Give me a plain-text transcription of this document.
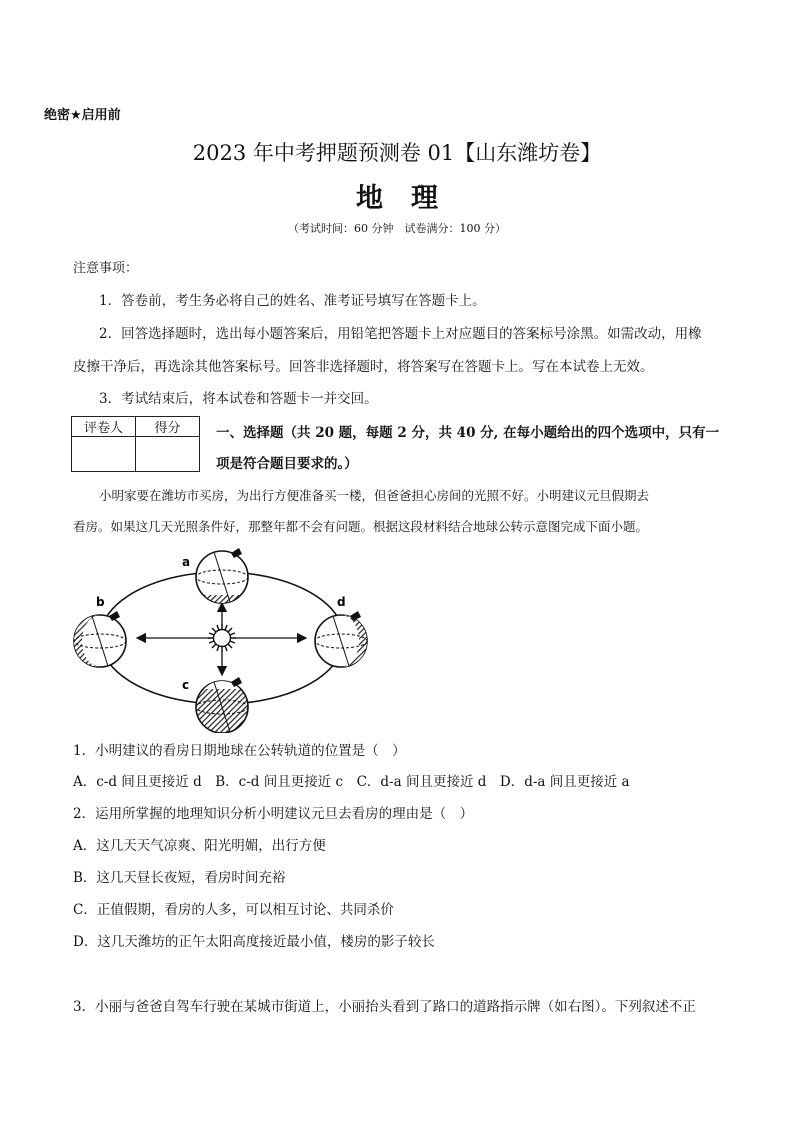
绝密★启用前
2023 年中考押题预测卷 01【山东潍坊卷】
地理
（考试时间：60 分钟　试卷满分：100 分）
注意事项：
1．答卷前，考生务必将自己的姓名、准考证号填写在答题卡上。
2．回答选择题时，选出每小题答案后，用铅笔把答题卡上对应题目的答案标号涂黑。如需改动，用橡
皮擦干净后，再选涂其他答案标号。回答非选择题时，将答案写在答题卡上。写在本试卷上无效。
3．考试结束后，将本试卷和答题卡一并交回。
评卷人	得分
		一、选择题（共 20 题，每题 2 分，共 40 分, 在每小题给出的四个选项中，只有一
项是符合题目要求的。）
小明家要在潍坊市买房，为出行方便准备买一楼，但爸爸担心房间的光照不好。小明建议元旦假期去
看房。如果这几天光照条件好，那整年都不会有问题。根据这段材料结合地球公转示意图完成下面小题。
a
b
c
d
1．小明建议的看房日期地球在公转轨道的位置是（　）
A．c-d 间且更接近 d　B．c-d 间且更接近 c　C．d-a 间且更接近 d　D．d-a 间且更接近 a
2．运用所掌握的地理知识分析小明建议元旦去看房的理由是（　）
A．这几天天气凉爽、阳光明媚，出行方便
B．这几天昼长夜短，看房时间充裕
C．正值假期，看房的人多，可以相互讨论、共同杀价
D．这几天潍坊的正午太阳高度接近最小值，楼房的影子较长
3．小丽与爸爸自驾车行驶在某城市街道上，小丽抬头看到了路口的道路指示牌（如右图）。下列叙述不正
